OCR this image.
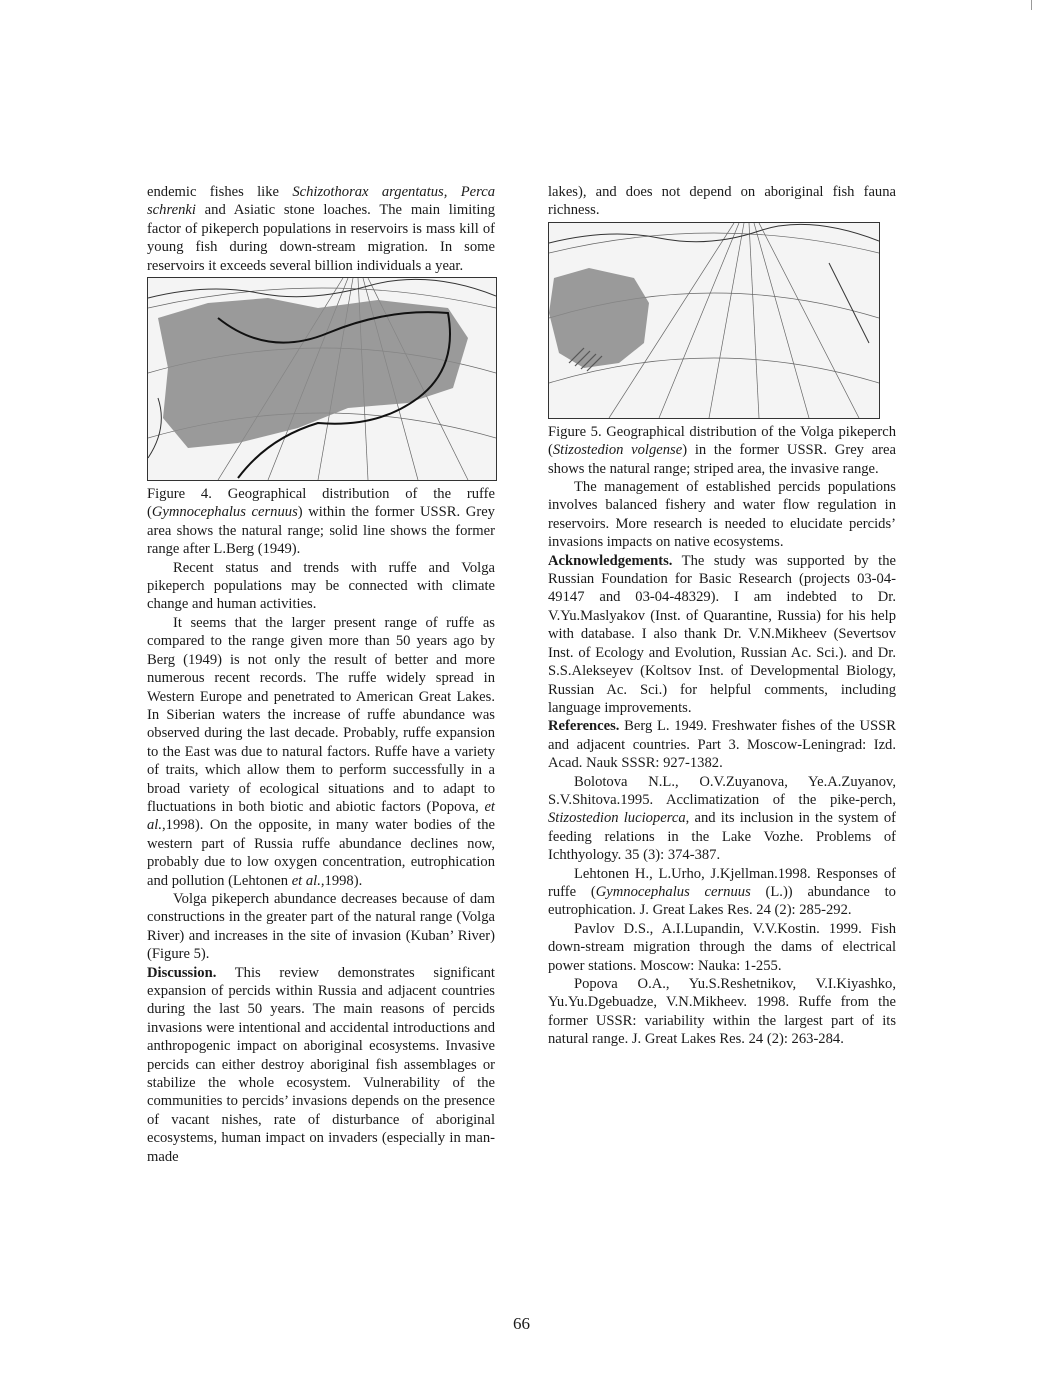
endemic fishes like Schizothorax argentatus, Perca schrenki and Asiatic stone loaches. The main limiting factor of pikeperch populations in reservoirs is mass kill of young fish during down-stream migration. In some reservoirs it exceeds several billion individuals a year.

Figure 4. Geographical distribution of the ruffe (Gymnocephalus cernuus) within the former USSR. Grey area shows the natural range; solid line shows the former range after L.Berg (1949).

Recent status and trends with ruffe and Volga pikeperch populations may be connected with climate change and human activities.

It seems that the larger present range of ruffe as compared to the range given more than 50 years ago by Berg (1949) is not only the result of better and more numerous recent records. The ruffe widely spread in Western Europe and penetrated to American Great Lakes. In Siberian waters the increase of ruffe abundance was observed during the last decade. Probably, ruffe expansion to the East was due to natural factors. Ruffe have a variety of traits, which allow them to perform successfully in a broad variety of ecological situations and to adapt to fluctuations in both biotic and abiotic factors (Popova, et al.,1998). On the opposite, in many water bodies of the western part of Russia ruffe abundance declines now, probably due to low oxygen concentration, eutrophication and pollution (Lehtonen et al.,1998).

Volga pikeperch abundance decreases because of dam constructions in the greater part of the natural range (Volga River) and increases in the site of invasion (Kuban’ River) (Figure 5).

Discussion. This review demonstrates significant expansion of percids within Russia and adjacent countries during the last 50 years. The main reasons of percids invasions were intentional and accidental introductions and anthropogenic impact on aboriginal ecosystems. Invasive percids can either destroy aboriginal fish assemblages or stabilize the whole ecosystem. Vulnerability of the communities to percids’ invasions depends on the presence of vacant nishes, rate of disturbance of aboriginal ecosystems, human impact on invaders (especially in man-made

lakes), and does not depend on aboriginal fish fauna richness.

Figure 5. Geographical distribution of the Volga pikeperch (Stizostedion volgense) in the former USSR. Grey area shows the natural range; striped area, the invasive range.

The management of established percids populations involves balanced fishery and water flow regulation in reservoirs. More research is needed to elucidate percids’ invasions impacts on native ecosystems.

Acknowledgements. The study was supported by the Russian Foundation for Basic Research (projects 03-04-49147 and 03-04-48329). I am indebted to Dr. V.Yu.Maslyakov (Inst. of Quarantine, Russia) for his help with database. I also thank Dr. V.N.Mikheev (Severtsov Inst. of Ecology and Evolution, Russian Ac. Sci.). and Dr. S.S.Alekseyev (Koltsov Inst. of Developmental Biology, Russian Ac. Sci.) for helpful comments, including language improvements.

References. Berg L. 1949. Freshwater fishes of the USSR and adjacent countries. Part 3. Moscow-Leningrad: Izd. Acad. Nauk SSSR: 927-1382.

Bolotova N.L., O.V.Zuyanova, Ye.A.Zuyanov, S.V.Shitova.1995. Acclimatization of the pike-perch, Stizostedion lucioperca, and its inclusion in the system of feeding relations in the Lake Vozhe. Problems of Ichthyology. 35 (3): 374-387.

Lehtonen H., L.Urho, J.Kjellman.1998. Responses of ruffe (Gymnocephalus cernuus (L.)) abundance to eutrophication. J. Great Lakes Res. 24 (2): 285-292.

Pavlov D.S., A.I.Lupandin, V.V.Kostin. 1999. Fish down-stream migration through the dams of electrical power stations. Moscow: Nauka: 1-255.

Popova O.A., Yu.S.Reshetnikov, V.I.Kiyashko, Yu.Yu.Dgebuadze, V.N.Mikheev. 1998. Ruffe from the former USSR: variability within the largest part of its natural range. J. Great Lakes Res. 24 (2): 263-284.

66
